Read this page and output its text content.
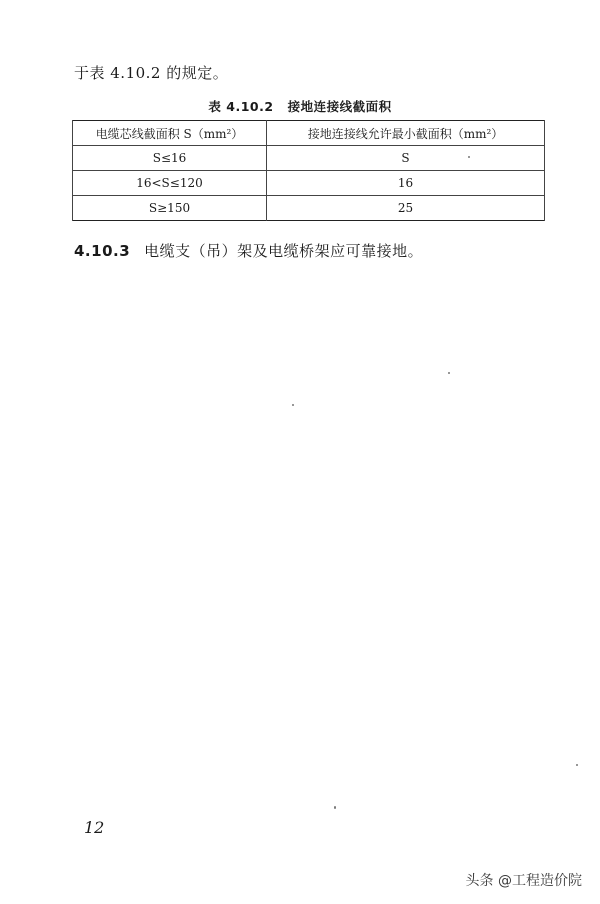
于表 4.10.2 的规定。
表 4.10.2 接地连接线截面积
电缆芯线截面积 S（mm²）	接地连接线允许最小截面积（mm²）
S≤16	S
16<S≤120	16
S≥150	25
4.10.3 电缆支（吊）架及电缆桥架应可靠接地。
12
头条 @工程造价院
